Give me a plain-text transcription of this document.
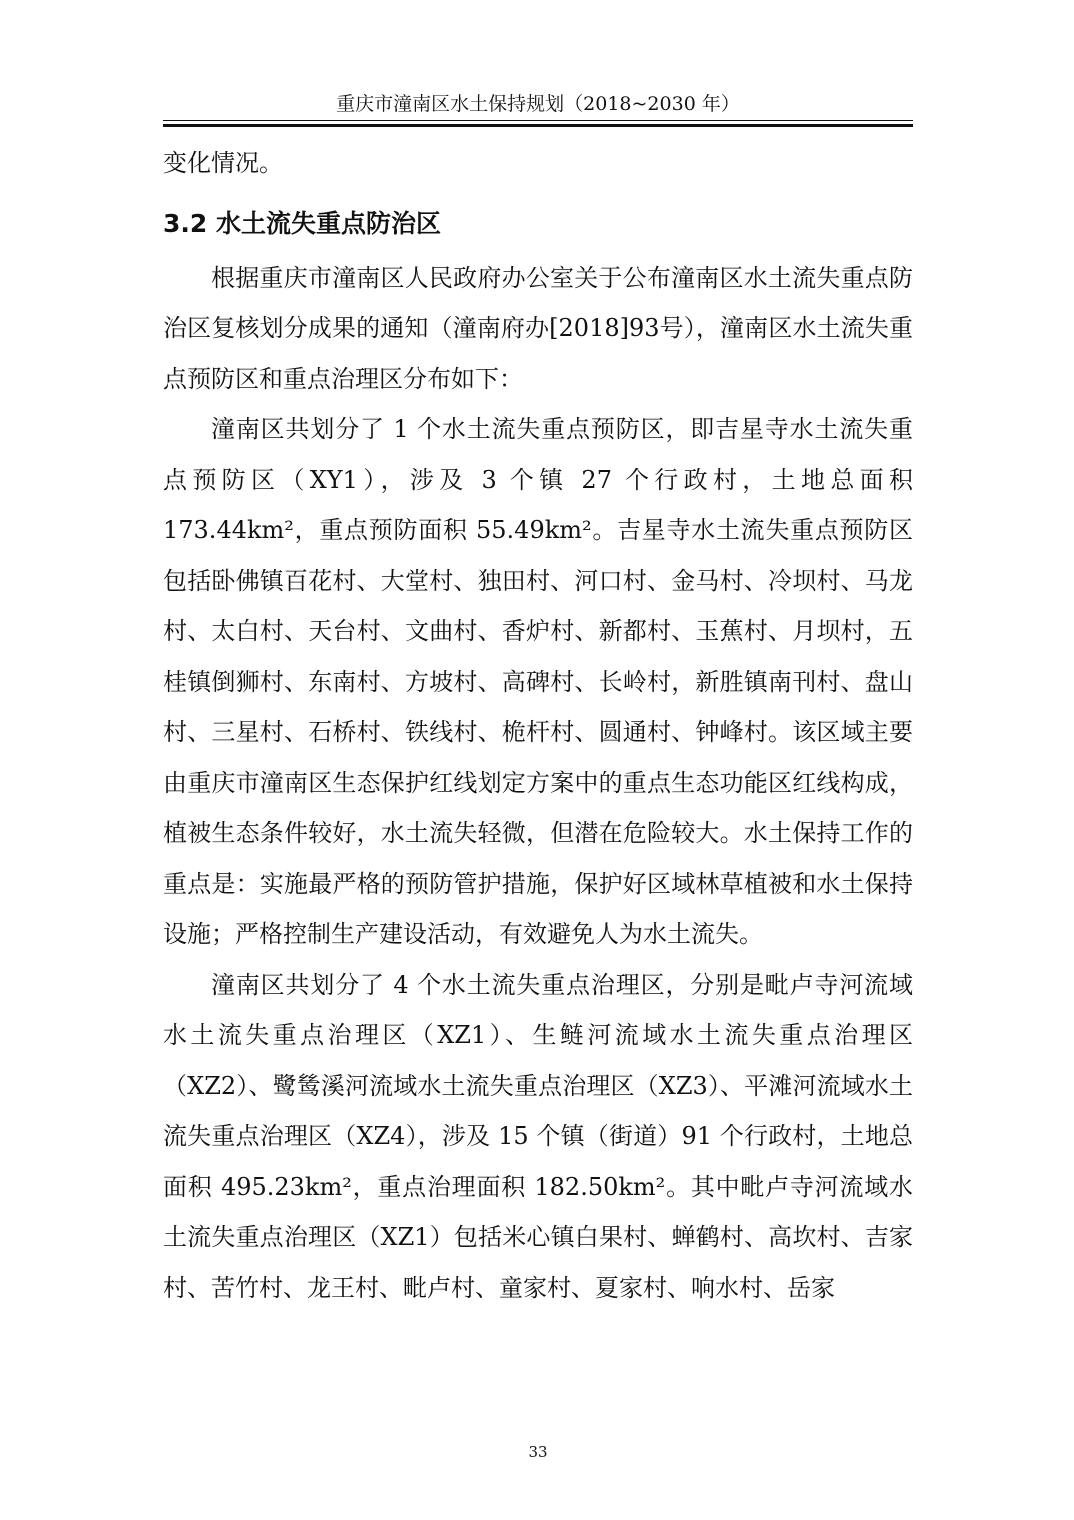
重庆市潼南区水土保持规划（2018~2030 年）

变化情况。

3.2 水土流失重点防治区

根据重庆市潼南区人民政府办公室关于公布潼南区水土流失重点防治区复核划分成果的通知（潼南府办[2018]93号），潼南区水土流失重点预防区和重点治理区分布如下：

潼南区共划分了 1 个水土流失重点预防区，即吉星寺水土流失重点预防区（XY1），涉及 3 个镇 27 个行政村，土地总面积 173.44km²，重点预防面积 55.49km²。吉星寺水土流失重点预防区包括卧佛镇百花村、大堂村、独田村、河口村、金马村、冷坝村、马龙村、太白村、天台村、文曲村、香炉村、新都村、玉蕉村、月坝村，五桂镇倒狮村、东南村、方坡村、高碑村、长岭村，新胜镇南刊村、盘山村、三星村、石桥村、铁线村、桅杆村、圆通村、钟峰村。该区域主要由重庆市潼南区生态保护红线划定方案中的重点生态功能区红线构成，植被生态条件较好，水土流失轻微，但潜在危险较大。水土保持工作的重点是：实施最严格的预防管护措施，保护好区域林草植被和水土保持设施；严格控制生产建设活动，有效避免人为水土流失。

潼南区共划分了 4 个水土流失重点治理区，分别是毗卢寺河流域水土流失重点治理区（XZ1）、生鲢河流域水土流失重点治理区（XZ2）、鹭鸶溪河流域水土流失重点治理区（XZ3）、平滩河流域水土流失重点治理区（XZ4），涉及 15 个镇（街道）91 个行政村，土地总面积 495.23km²，重点治理面积 182.50km²。其中毗卢寺河流域水土流失重点治理区（XZ1）包括米心镇白果村、蝉鹤村、高坎村、吉家村、苦竹村、龙王村、毗卢村、童家村、夏家村、响水村、岳家

33
